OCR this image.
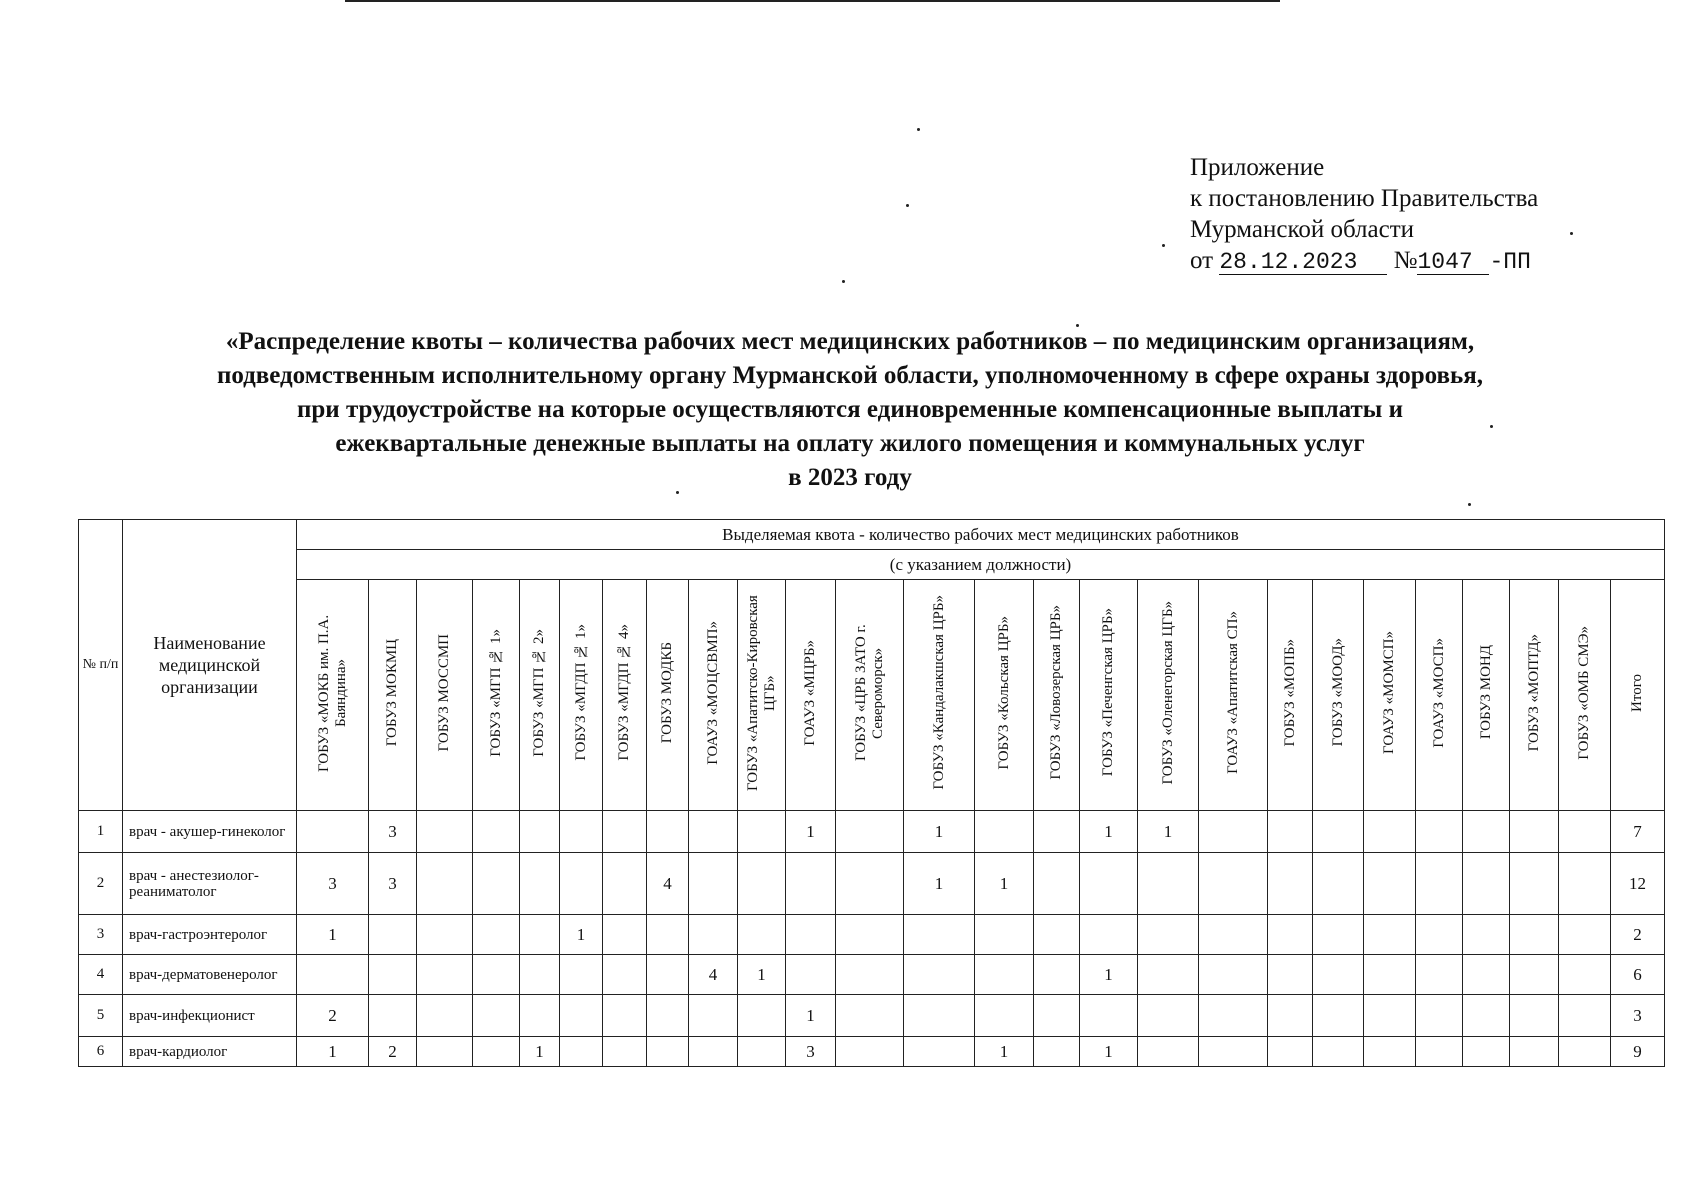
Приложение
к постановлению Правительства
Мурманской области
от 28.12.2023 №1047 -ПП
«Распределение квоты – количества рабочих мест медицинских работников – по медицинским организациям,
подведомственным исполнительному органу Мурманской области, уполномоченному в сфере охраны здоровья,
при трудоустройстве на которые осуществляются единовременные компенсационные выплаты и
ежеквартальные денежные выплаты на оплату жилого помещения и коммунальных услуг
в 2023 году
№ п/п	Наименование медицинской организации	Выделяемая квота - количество рабочих мест медицинских работников																									
		(с указанием должности)																									
		ГОБУЗ «МОКБ им. П.А. Баяндина»	ГОБУЗ МОКМЦ	ГОБУЗ МОССМП	ГОБУЗ «МГП № 1»	ГОБУЗ «МГП № 2»	ГОБУЗ «МГДП № 1»	ГОБУЗ «МГДП № 4»	ГОБУЗ МОДКБ	ГОАУЗ «МОЦСВМП»	ГОБУЗ «Апатитско-Кировская ЦГБ»	ГОАУЗ «МЦРБ»	ГОБУЗ «ЦРБ ЗАТО г. Североморск»	ГОБУЗ «Кандалакшская ЦРБ»	ГОБУЗ «Кольская ЦРБ»	ГОБУЗ «Ловозерская ЦРБ»	ГОБУЗ «Печенгская ЦРБ»	ГОБУЗ «Оленегорская ЦГБ»	ГОАУЗ «Апатитская СП»	ГОБУЗ «МОПБ»	ГОБУЗ «МООД»	ГОАУЗ «МОМСП»	ГОАУЗ «МОСП»	ГОБУЗ МОНД	ГОБУЗ «МОПТД»	ГОБУЗ «ОМБ СМЭ»	Итого
1	врач - акушер-гинеколог		3									1		1			1	1									7
2	врач - анестезиолог-реаниматолог	3	3						4					1	1												12
3	врач-гастроэнтеролог	1					1																				2
4	врач-дерматовенеролог									4	1						1										6
5	врач-инфекционист	2										1															3
6	врач-кардиолог	1	2			1						3			1		1										9
